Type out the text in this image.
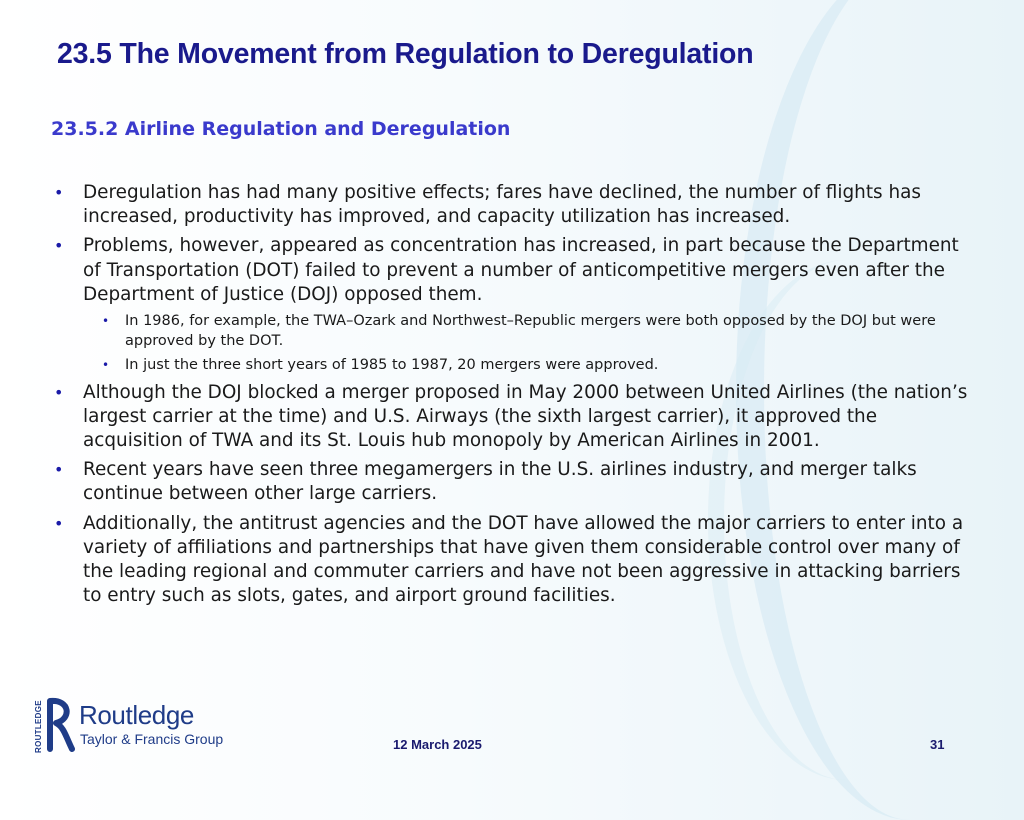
23.5 The Movement from Regulation to Deregulation
23.5.2 Airline Regulation and Deregulation
• Deregulation has had many positive effects; fares have declined, the number of flights has increased, productivity has improved, and capacity utilization has increased.
• Problems, however, appeared as concentration has increased, in part because the Department of Transportation (DOT) failed to prevent a number of anticompetitive mergers even after the Department of Justice (DOJ) opposed them.
• In 1986, for example, the TWA–Ozark and Northwest–Republic mergers were both opposed by the DOJ but were approved by the DOT.
• In just the three short years of 1985 to 1987, 20 mergers were approved.
• Although the DOJ blocked a merger proposed in May 2000 between United Airlines (the nation’s largest carrier at the time) and U.S. Airways (the sixth largest carrier), it approved the acquisition of TWA and its St. Louis hub monopoly by American Airlines in 2001.
• Recent years have seen three megamergers in the U.S. airlines industry, and merger talks continue between other large carriers.
• Additionally, the antitrust agencies and the DOT have allowed the major carriers to enter into a variety of affiliations and partnerships that have given them considerable control over many of the leading regional and commuter carriers and have not been aggressive in attacking barriers to entry such as slots, gates, and airport ground facilities.
ROUTLEDGE Routledge
Taylor & Francis Group	12 March 2025	31
